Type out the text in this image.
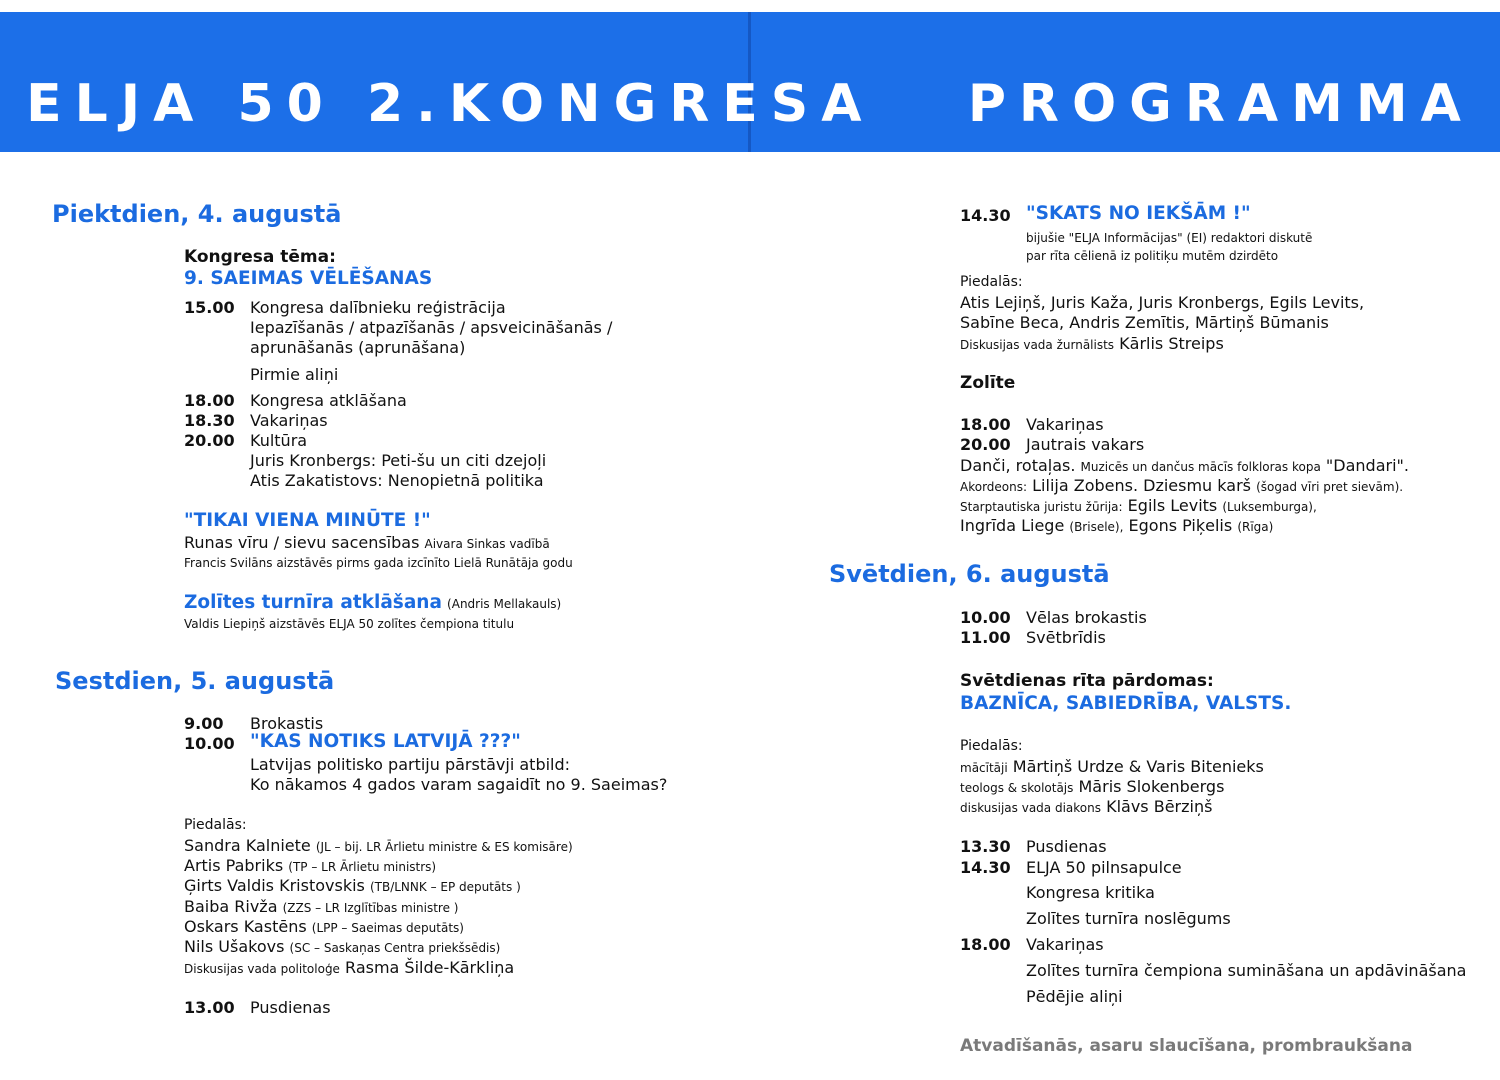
ELJA 50 2.KONGRESA   PROGRAMMA
Piektdien, 4. augustā
Kongresa tēma:
9. SAEIMAS VĒLĒŠANAS
15.00 Kongresa dalībnieku reģistrācija
Iepazīšanās / atpazīšanās / apsveicināšanās /
aprunāšanās (aprunāšana)
Pirmie aliņi
18.00 Kongresa atklāšana
18.30 Vakariņas
20.00 Kultūra
Juris Kronbergs: Peti-šu un citi dzejoļi
Atis Zakatistovs: Nenopietnā politika
"TIKAI VIENA MINŪTE !"
Runas vīru / sievu sacensības Aivara Sinkas vadībā
Francis Svilāns aizstāvēs pirms gada izcīnīto Lielā Runātāja godu
Zolītes turnīra atklāšana (Andris Mellakauls)
Valdis Liepiņš aizstāvēs ELJA 50 zolītes čempiona titulu
Sestdien, 5. augustā
9.00 Brokastis
10.00 "KAS NOTIKS LATVIJĀ ???"
Latvijas politisko partiju pārstāvji atbild:
Ko nākamos 4 gados varam sagaidīt no 9. Saeimas?
Piedalās:
Sandra Kalniete (JL – bij. LR Ārlietu ministre & ES komisāre)
Artis Pabriks (TP – LR Ārlietu ministrs)
Ģirts Valdis Kristovskis (TB/LNNK – EP deputāts )
Baiba Rivža (ZZS – LR Izglītības ministre )
Oskars Kastēns (LPP – Saeimas deputāts)
Nils Ušakovs (SC – Saskaņas Centra priekšsēdis)
Diskusijas vada politoloģe Rasma Šilde-Kārkliņa
13.00 Pusdienas
14.30 "SKATS NO IEKŠĀM !"
bijušie "ELJA Informācijas" (EI) redaktori diskutē
par rīta cēlienā iz politiķu mutēm dzirdēto
Piedalās:
Atis Lejiņš, Juris Kaža, Juris Kronbergs, Egils Levits,
Sabīne Beca, Andris Zemītis, Mārtiņš Būmanis
Diskusijas vada žurnālists Kārlis Streips
Zolīte
18.00 Vakariņas
20.00 Jautrais vakars
Danči, rotaļas. Muzicēs un dančus mācīs folkloras kopa "Dandari".
Akordeons: Lilija Zobens. Dziesmu karš (šogad vīri pret sievām).
Starptautiska juristu žūrija: Egils Levits (Luksemburga),
Ingrīda Liege (Brisele), Egons Piķelis (Rīga)
Svētdien, 6. augustā
10.00 Vēlas brokastis
11.00 Svētbrīdis
Svētdienas rīta pārdomas:
BAZNĪCA, SABIEDRĪBA, VALSTS.
Piedalās:
mācītāji Mārtiņš Urdze & Varis Bitenieks
teologs & skolotājs Māris Slokenbergs
diskusijas vada diakons Klāvs Bērziņš
13.30 Pusdienas
14.30 ELJA 50 pilnsapulce
Kongresa kritika
Zolītes turnīra noslēgums
18.00 Vakariņas
Zolītes turnīra čempiona sumināšana un apdāvināšana
Pēdējie aliņi
Atvadīšanās, asaru slaucīšana, prombraukšana
